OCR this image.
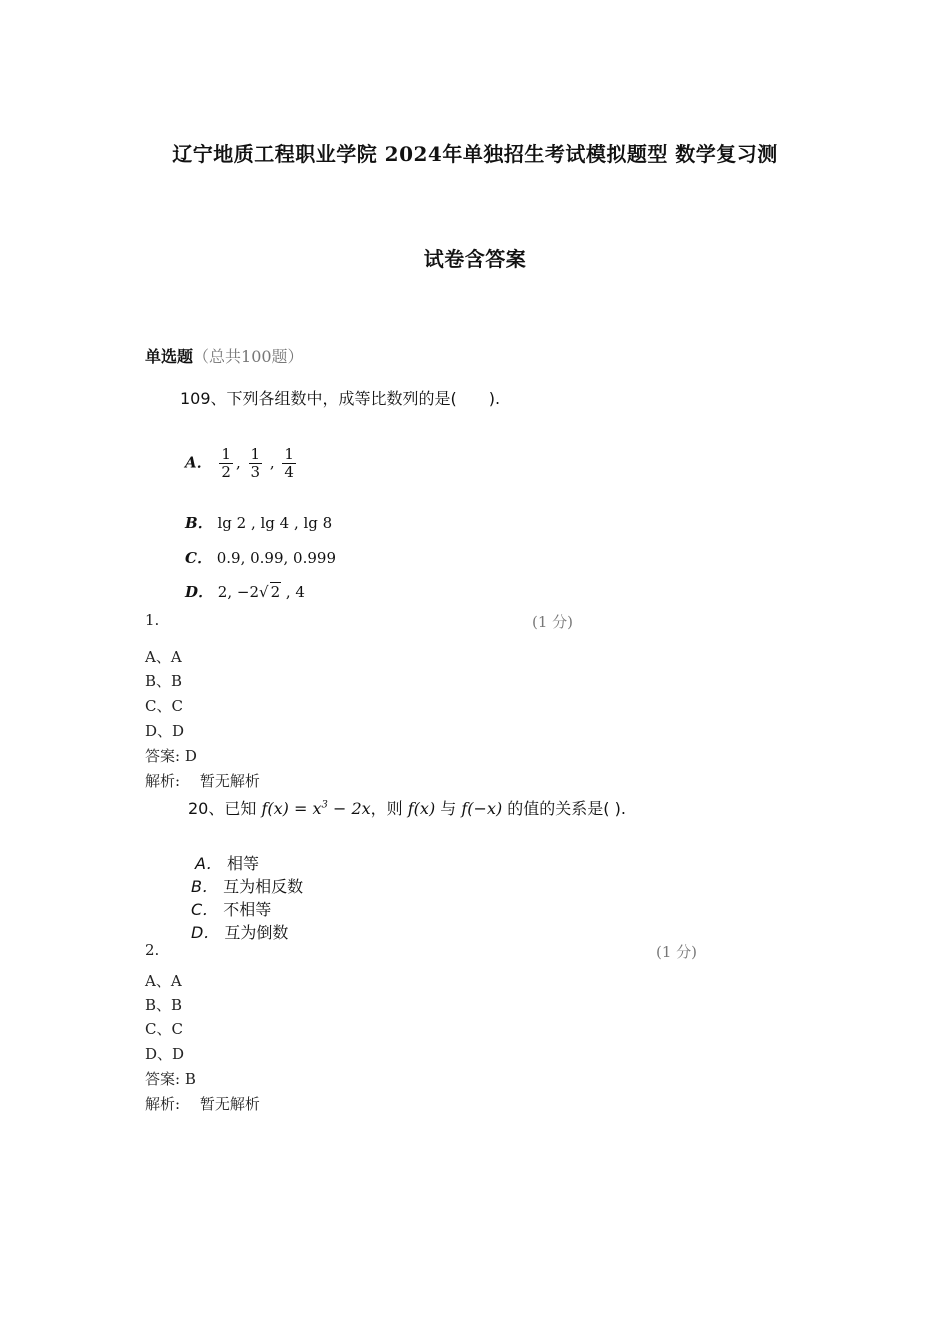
辽宁地质工程职业学院 2024年单独招生考试模拟题型 数学复习测
试卷含答案
单选题（总共100题）
109、下列各组数中，成等比数列的是(　　).
A． $\frac{1}{2}$ , $\frac{1}{3}$ , $\frac{1}{4}$
B． lg 2 , lg 4 , lg 8
C． 0.9, 0.99, 0.999
D． 2, −2√ 2 , 4
1.	(1 分)
A、A
B、B
C、C
D、D
答案: D
解析:　 暂无解析
20、已知 $f(x) = x^3 - 2x$，则 f(x) 与 f(−x) 的值的关系是( ).
A． 相等
B． 互为相反数
C． 不相等
D． 互为倒数
2.	(1 分)
A、A
B、B
C、C
D、D
答案: B
解析:　 暂无解析
